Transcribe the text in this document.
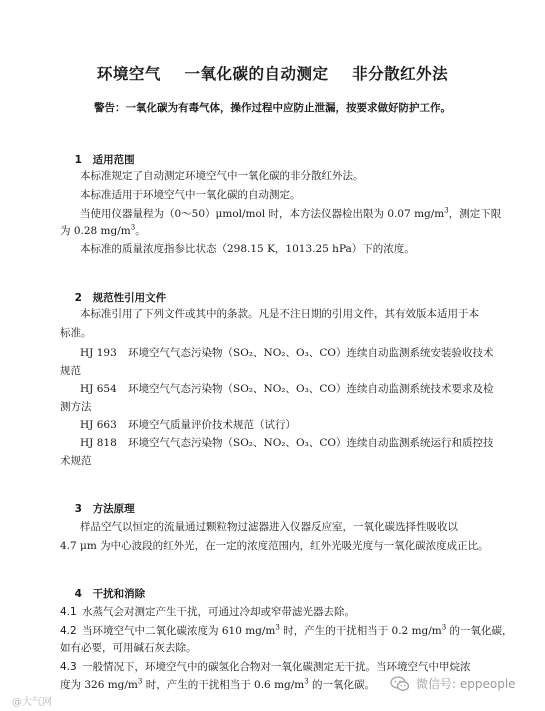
环境空气    一氧化碳的自动测定    非分散红外法
警告：一氧化碳为有毒气体，操作过程中应防止泄漏，按要求做好防护工作。

1 适用范围

本标准规定了自动测定环境空气中一氧化碳的非分散红外法。
本标准适用于环境空气中一氧化碳的自动测定。
当使用仪器量程为（0～50）μmol/mol 时，本方法仪器检出限为 0.07 $mg/m^3$，测定下限
为 0.28 $mg/m^3$。
本标准的质量浓度指参比状态（298.15 K，1013.25 hPa）下的浓度。

2 规范性引用文件

本标准引用了下列文件或其中的条款。凡是不注日期的引用文件，其有效版本适用于本
标准。
HJ 193 环境空气气态污染物（SO₂、NO₂、O₃、CO）连续自动监测系统安装验收技术
规范
HJ 654 环境空气气态污染物（SO₂、NO₂、O₃、CO）连续自动监测系统技术要求及检
测方法
HJ 663 环境空气质量评价技术规范（试行）
HJ 818 环境空气气态污染物（SO₂、NO₂、O₃、CO）连续自动监测系统运行和质控技
术规范

3 方法原理

样品空气以恒定的流量通过颗粒物过滤器进入仪器反应室，一氧化碳选择性吸收以
4.7 μm 为中心波段的红外光，在一定的浓度范围内，红外光吸光度与一氧化碳浓度成正比。

4 干扰和消除

4.1 水蒸气会对测定产生干扰，可通过冷却或窄带滤光器去除。
4.2 当环境空气中二氧化碳浓度为 610 $mg/m^3$ 时，产生的干扰相当于 0.2 $mg/m^3$ 的一氧化碳，
如有必要，可用碱石灰去除。
4.3 一般情况下，环境空气中的碳氢化合物对一氧化碳测定无干扰。当环境空气中甲烷浓
度为 326 $mg/m^3$ 时，产生的干扰相当于 0.6 $mg/m^3$ 的一氧化碳。
@大气网
微信号: eppeople
